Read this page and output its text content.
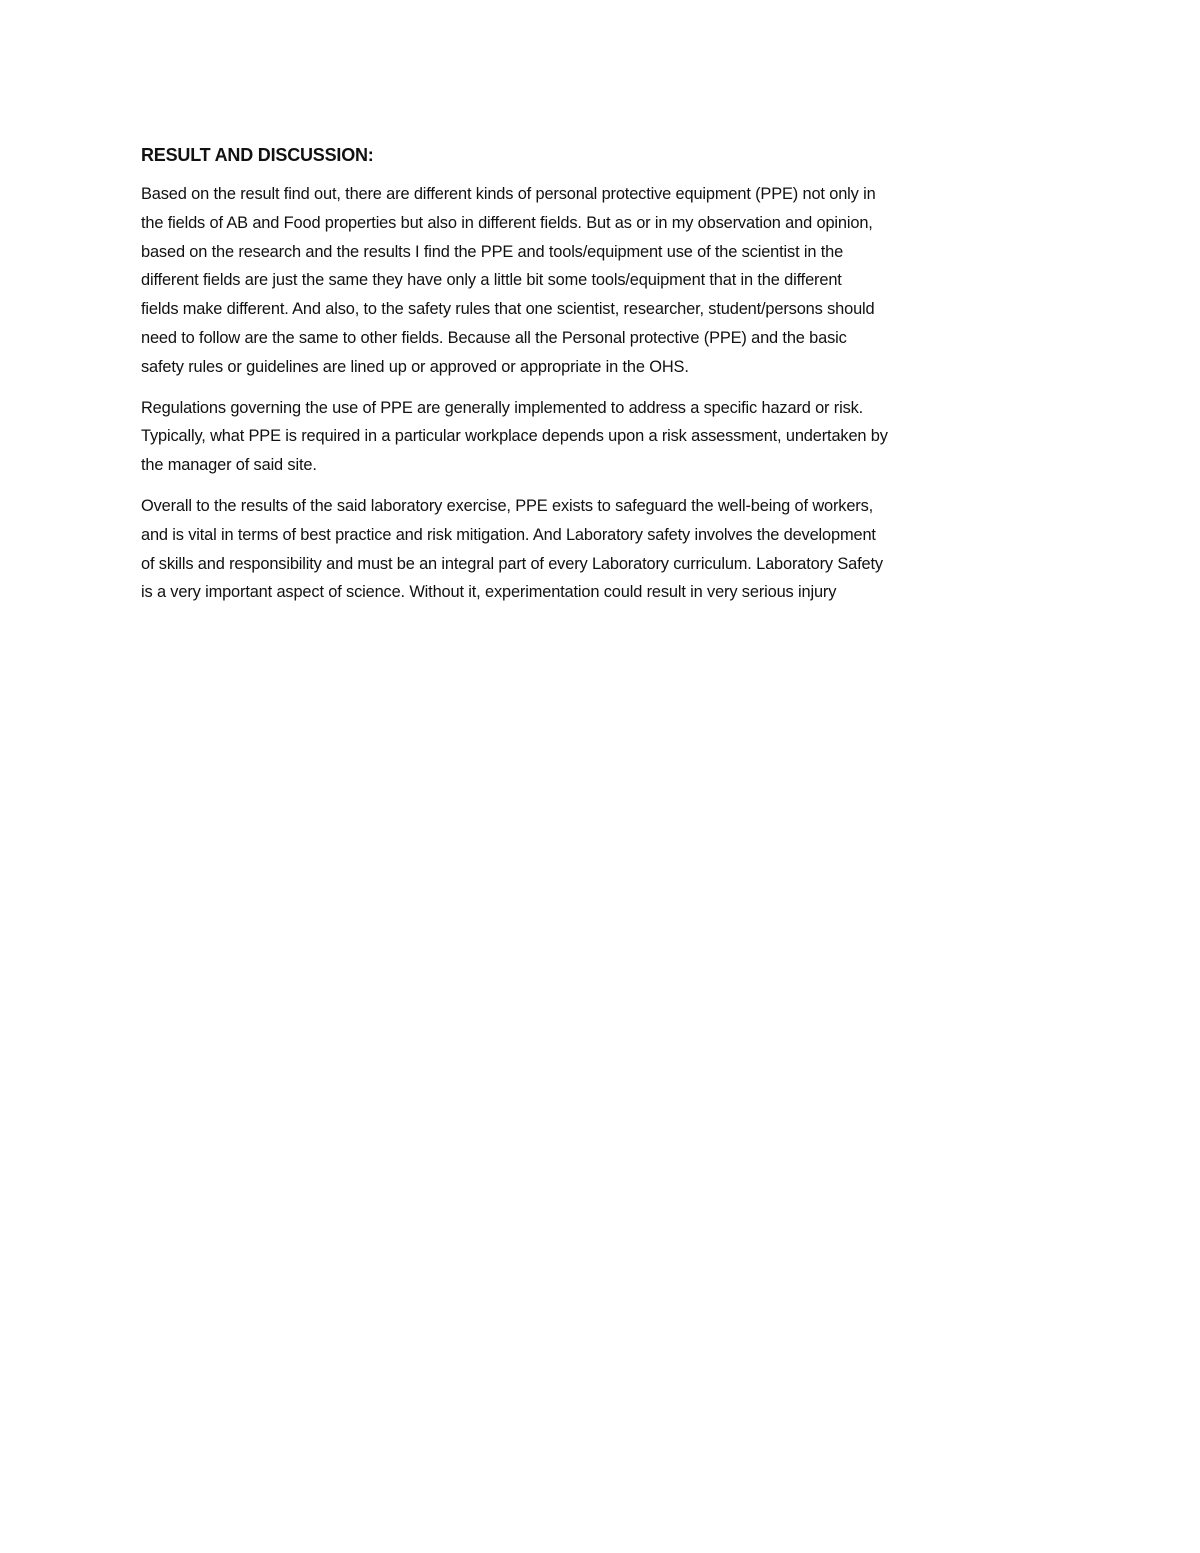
RESULT AND DISCUSSION:

Based on the result find out, there are different kinds of personal protective equipment (PPE) not only in
the fields of AB and Food properties but also in different fields. But as or in my observation and opinion,
based on the research and the results I find the PPE and tools/equipment use of the scientist in the
different fields are just the same they have only a little bit some tools/equipment that in the different
fields make different. And also, to the safety rules that one scientist, researcher, student/persons should
need to follow are the same to other fields. Because all the Personal protective (PPE) and the basic
safety rules or guidelines are lined up or approved or appropriate in the OHS.

Regulations governing the use of PPE are generally implemented to address a specific hazard or risk.
Typically, what PPE is required in a particular workplace depends upon a risk assessment, undertaken by
the manager of said site.

Overall to the results of the said laboratory exercise, PPE exists to safeguard the well-being of workers,
and is vital in terms of best practice and risk mitigation. And Laboratory safety involves the development
of skills and responsibility and must be an integral part of every Laboratory curriculum. Laboratory Safety
is a very important aspect of science. Without it, experimentation could result in very serious injury
